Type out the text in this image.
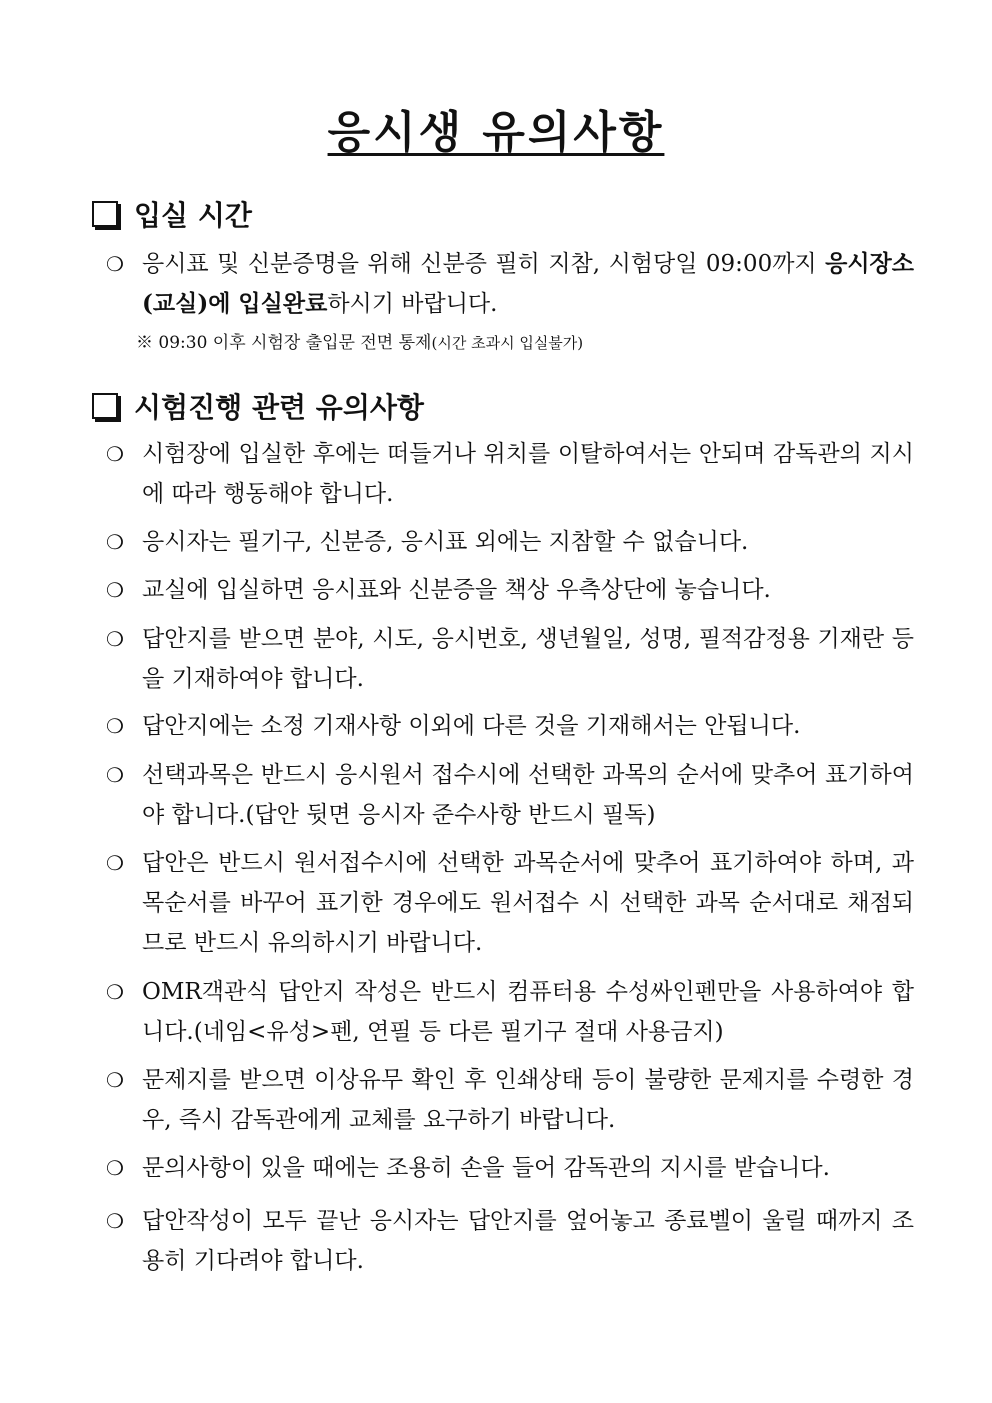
응시생 유의사항
입실 시간
❍ 응시표 및 신분증명을 위해 신분증 필히 지참, 시험당일 09:00까지 응시장소(교실)에 입실완료하시기 바랍니다.
※ 09:30 이후 시험장 출입문 전면 통제(시간 초과시 입실불가)
시험진행 관련 유의사항
❍ 시험장에 입실한 후에는 떠들거나 위치를 이탈하여서는 안되며 감독관의 지시에 따라 행동해야 합니다.
❍ 응시자는 필기구, 신분증, 응시표 외에는 지참할 수 없습니다.
❍ 교실에 입실하면 응시표와 신분증을 책상 우측상단에 놓습니다.
❍ 답안지를 받으면 분야, 시도, 응시번호, 생년월일, 성명, 필적감정용 기재란 등을 기재하여야 합니다.
❍ 답안지에는 소정 기재사항 이외에 다른 것을 기재해서는 안됩니다.
❍ 선택과목은 반드시 응시원서 접수시에 선택한 과목의 순서에 맞추어 표기하여야 합니다.(답안 뒷면 응시자 준수사항 반드시 필독)
❍ 답안은 반드시 원서접수시에 선택한 과목순서에 맞추어 표기하여야 하며, 과목순서를 바꾸어 표기한 경우에도 원서접수 시 선택한 과목 순서대로 채점되므로 반드시 유의하시기 바랍니다.
❍ OMR객관식 답안지 작성은 반드시 컴퓨터용 수성싸인펜만을 사용하여야 합니다.(네임<유성>펜, 연필 등 다른 필기구 절대 사용금지)
❍ 문제지를 받으면 이상유무 확인 후 인쇄상태 등이 불량한 문제지를 수령한 경우, 즉시 감독관에게 교체를 요구하기 바랍니다.
❍ 문의사항이 있을 때에는 조용히 손을 들어 감독관의 지시를 받습니다.
❍ 답안작성이 모두 끝난 응시자는 답안지를 엎어놓고 종료벨이 울릴 때까지 조용히 기다려야 합니다.
